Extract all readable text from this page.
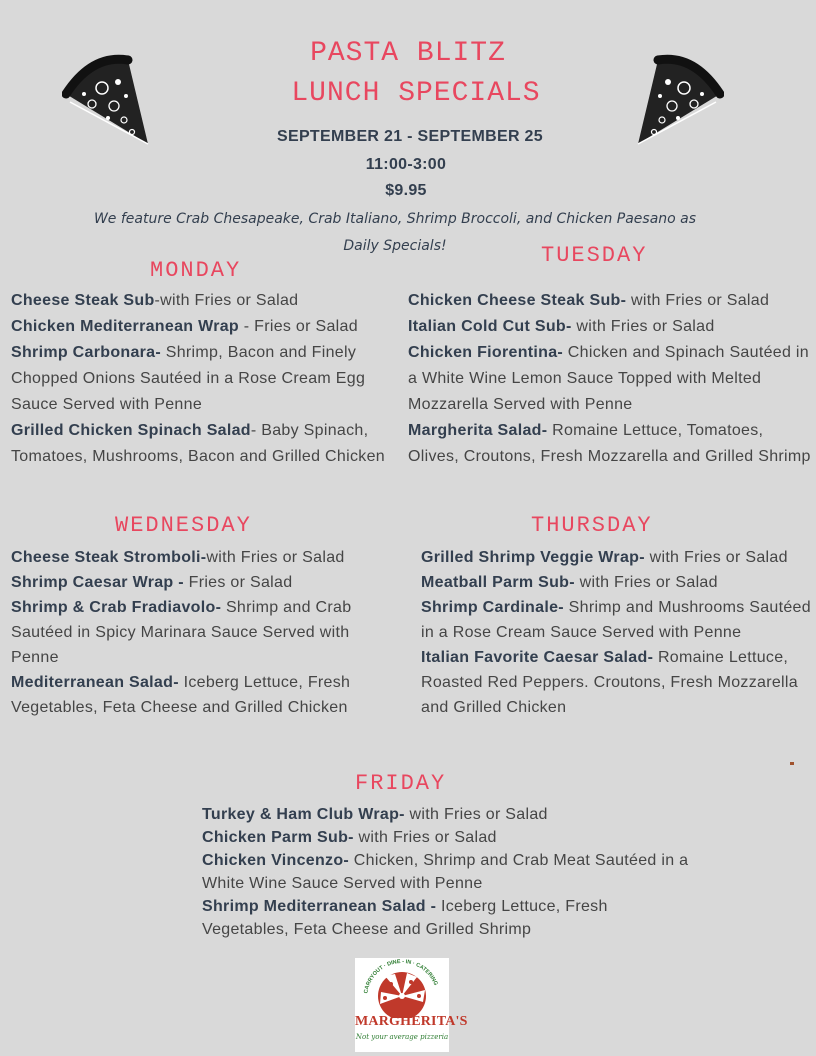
PASTA BLITZ
LUNCH SPECIALS
SEPTEMBER 21 - SEPTEMBER 25
11:00-3:00
$9.95
We feature Crab Chesapeake, Crab Italiano, Shrimp Broccoli, and Chicken Paesano as
Daily Specials!
MONDAY
TUESDAY
WEDNESDAY	THURSDAY
FRIDAY
Cheese Steak Sub-with Fries or Salad
Chicken Mediterranean Wrap - Fries or Salad
Shrimp Carbonara- Shrimp, Bacon and Finely Chopped Onions Sautéed in a Rose Cream Egg Sauce Served with Penne
Grilled Chicken Spinach Salad- Baby Spinach, Tomatoes, Mushrooms, Bacon and Grilled Chicken
Chicken Cheese Steak Sub- with Fries or Salad
Italian Cold Cut Sub- with Fries or Salad
Chicken Fiorentina- Chicken and Spinach Sautéed in a White Wine Lemon Sauce Topped with Melted Mozzarella Served with Penne
Margherita Salad- Romaine Lettuce, Tomatoes, Olives, Croutons, Fresh Mozzarella and Grilled Shrimp
Cheese Steak Stromboli-with Fries or Salad
Shrimp Caesar Wrap - Fries or Salad
Shrimp & Crab Fradiavolo- Shrimp and Crab Sautéed in Spicy Marinara Sauce Served with Penne
Mediterranean Salad- Iceberg Lettuce, Fresh Vegetables, Feta Cheese and Grilled Chicken
Grilled Shrimp Veggie Wrap- with Fries or Salad
Meatball Parm Sub- with Fries or Salad
Shrimp Cardinale- Shrimp and Mushrooms Sautéed in a Rose Cream Sauce Served with Penne
Italian Favorite Caesar Salad- Romaine Lettuce, Roasted Red Peppers. Croutons, Fresh Mozzarella and Grilled Chicken
Turkey & Ham Club Wrap- with Fries or Salad
Chicken Parm Sub- with Fries or Salad
Chicken Vincenzo- Chicken, Shrimp and Crab Meat Sautéed in a White Wine Sauce Served with Penne
Shrimp Mediterranean Salad - Iceberg Lettuce, Fresh Vegetables, Feta Cheese and Grilled Shrimp
CARRYOUT · DINE - IN · CATERING
MARGHERITA'S
Not your average pizzeria
